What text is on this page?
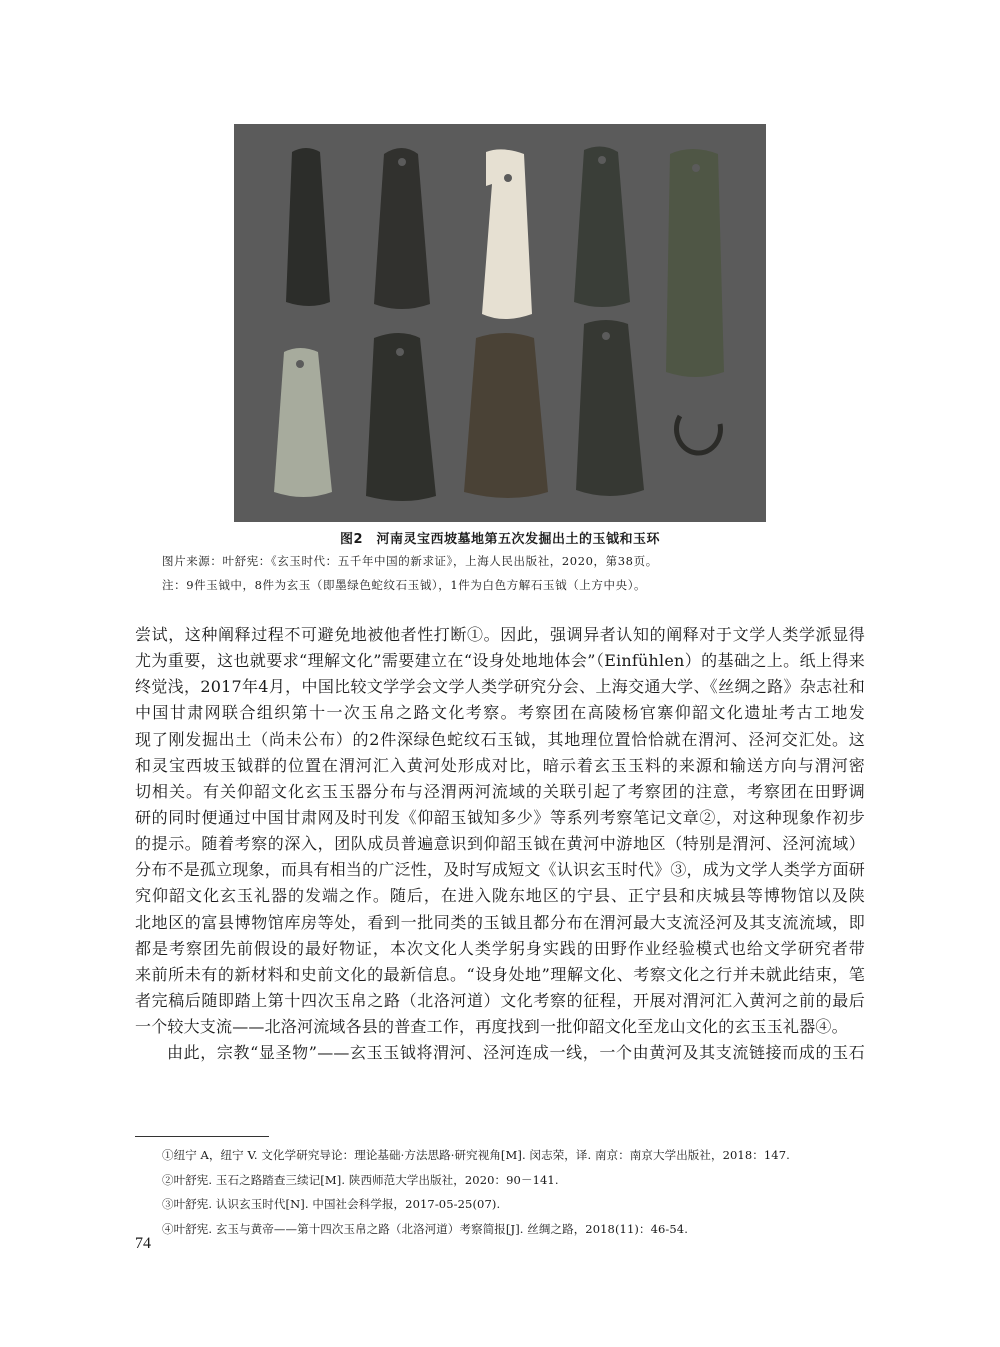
图2　河南灵宝西坡墓地第五次发掘出土的玉钺和玉环
图片来源：叶舒宪：《玄玉时代：五千年中国的新求证》，上海人民出版社，2020，第38页。
注：9件玉钺中，8件为玄玉（即墨绿色蛇纹石玉钺），1件为白色方解石玉钺（上方中央）。
尝试，这种阐释过程不可避免地被他者性打断①。因此，强调异者认知的阐释对于文学人类学派显得
尤为重要，这也就要求“理解文化”需要建立在“设身处地地体会”（Einfühlen）的基础之上。纸上得来
终觉浅，2017年4月，中国比较文学学会文学人类学研究分会、上海交通大学、《丝绸之路》杂志社和
中国甘肃网联合组织第十一次玉帛之路文化考察。考察团在高陵杨官寨仰韶文化遗址考古工地发
现了刚发掘出土（尚未公布）的2件深绿色蛇纹石玉钺，其地理位置恰恰就在渭河、泾河交汇处。这
和灵宝西坡玉钺群的位置在渭河汇入黄河处形成对比，暗示着玄玉玉料的来源和输送方向与渭河密
切相关。有关仰韶文化玄玉玉器分布与泾渭两河流域的关联引起了考察团的注意，考察团在田野调
研的同时便通过中国甘肃网及时刊发《仰韶玉钺知多少》等系列考察笔记文章②，对这种现象作初步
的提示。随着考察的深入，团队成员普遍意识到仰韶玉钺在黄河中游地区（特别是渭河、泾河流域）
分布不是孤立现象，而具有相当的广泛性，及时写成短文《认识玄玉时代》③，成为文学人类学方面研
究仰韶文化玄玉礼器的发端之作。随后，在进入陇东地区的宁县、正宁县和庆城县等博物馆以及陕
北地区的富县博物馆库房等处，看到一批同类的玉钺且都分布在渭河最大支流泾河及其支流流域，即
都是考察团先前假设的最好物证，本次文化人类学躬身实践的田野作业经验模式也给文学研究者带
来前所未有的新材料和史前文化的最新信息。“设身处地”理解文化、考察文化之行并未就此结束，笔
者完稿后随即踏上第十四次玉帛之路（北洛河道）文化考察的征程，开展对渭河汇入黄河之前的最后
一个较大支流——北洛河流域各县的普查工作，再度找到一批仰韶文化至龙山文化的玄玉玉礼器④。
由此，宗教“显圣物”——玄玉玉钺将渭河、泾河连成一线，一个由黄河及其支流链接而成的玉石
①纽宁 A，纽宁 V. 文化学研究导论：理论基础·方法思路·研究视角[M]. 闵志荣，译. 南京：南京大学出版社，2018：147.
②叶舒宪. 玉石之路踏查三续记[M]. 陕西师范大学出版社，2020：90－141.
③叶舒宪. 认识玄玉时代[N]. 中国社会科学报，2017-05-25(07).
④叶舒宪. 玄玉与黄帝——第十四次玉帛之路（北洛河道）考察简报[J]. 丝绸之路，2018(11)：46-54.
74
